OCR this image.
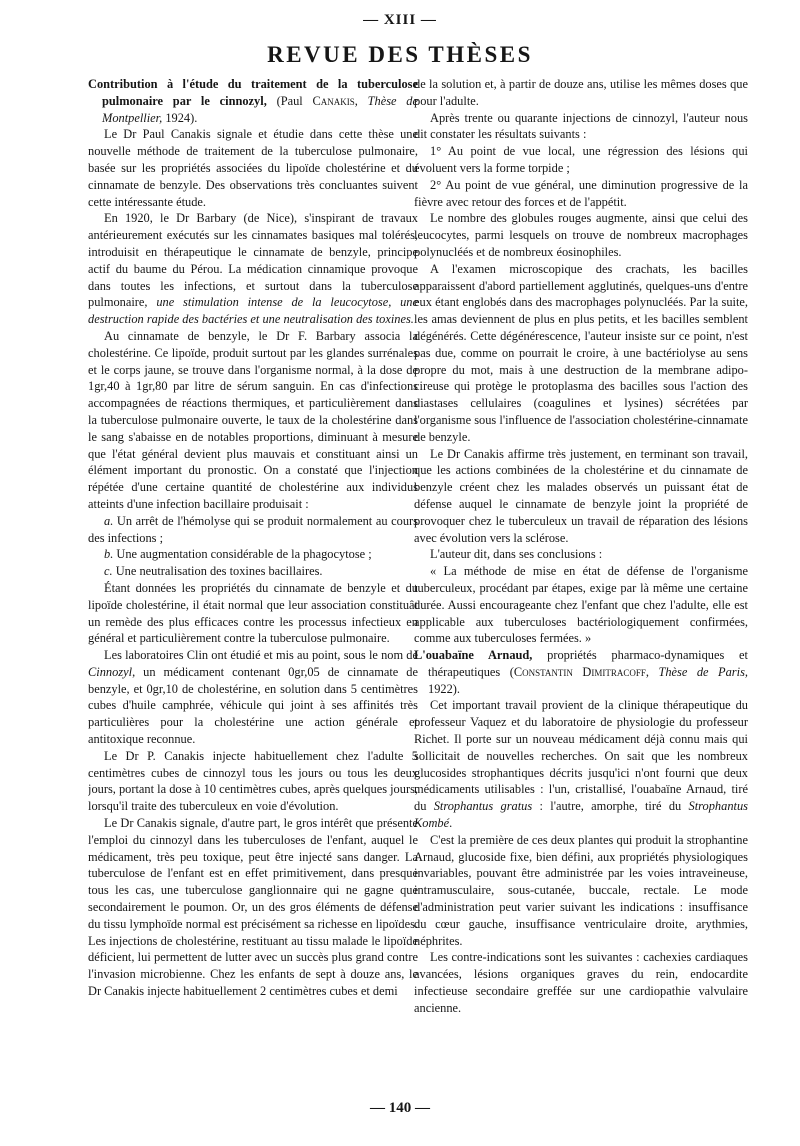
— XIII —
REVUE DES THÈSES

Contribution à l'étude du traitement de la tuberculose pulmonaire par le cinnozyl, (Paul Canakis, Thèse de Montpellier, 1924).

Le Dr Paul Canakis signale et étudie dans cette thèse une nouvelle méthode de traitement de la tuberculose pulmonaire, basée sur les propriétés associées du lipoïde cholestérine et du cinnamate de benzyle. Des observations très concluantes suivent cette intéressante étude.

En 1920, le Dr Barbary (de Nice), s'inspirant de travaux antérieurement exécutés sur les cinnamates basiques mal tolérés, introduisit en thérapeutique le cinnamate de benzyle, principe actif du baume du Pérou. La médication cinnamique provoque dans toutes les infections, et surtout dans la tuberculose pulmonaire, une stimulation intense de la leucocytose, une destruction rapide des bactéries et une neutralisation des toxines.

Au cinnamate de benzyle, le Dr F. Barbary associa la cholestérine. Ce lipoïde, produit surtout par les glandes surrénales et le corps jaune, se trouve dans l'organisme normal, à la dose de 1gr,40 à 1gr,80 par litre de sérum sanguin. En cas d'infections accompagnées de réactions thermiques, et particulièrement dans la tuberculose pulmonaire ouverte, le taux de la cholestérine dans le sang s'abaisse en de notables proportions, diminuant à mesure que l'état général devient plus mauvais et constituant ainsi un élément important du pronostic. On a constaté que l'injection répétée d'une certaine quantité de cholestérine aux individus atteints d'une infection bacillaire produisait :

a. Un arrêt de l'hémolyse qui se produit normalement au cours des infections ;

b. Une augmentation considérable de la phagocytose ;

c. Une neutralisation des toxines bacillaires.

Étant données les propriétés du cinnamate de benzyle et du lipoïde cholestérine, il était normal que leur association constituât un remède des plus efficaces contre les processus infectieux en général et particulièrement contre la tuberculose pulmonaire.

Les laboratoires Clin ont étudié et mis au point, sous le nom de Cinnozyl, un médicament contenant 0gr,05 de cinnamate de benzyle, et 0gr,10 de cholestérine, en solution dans 5 centimètres cubes d'huile camphrée, véhicule qui joint à ses affinités très particulières pour la cholestérine une action générale et antitoxique reconnue.

Le Dr P. Canakis injecte habituellement chez l'adulte 5 centimètres cubes de cinnozyl tous les jours ou tous les deux jours, portant la dose à 10 centimètres cubes, après quelques jours, lorsqu'il traite des tuberculeux en voie d'évolution.

Le Dr Canakis signale, d'autre part, le gros intérêt que présente l'emploi du cinnozyl dans les tuberculoses de l'enfant, auquel le médicament, très peu toxique, peut être injecté sans danger. La tuberculose de l'enfant est en effet primitivement, dans presque tous les cas, une tuberculose ganglionnaire qui ne gagne que secondairement le poumon. Or, un des gros éléments de défense du tissu lymphoïde normal est précisément sa richesse en lipoïdes. Les injections de cholestérine, restituant au tissu malade le lipoïde déficient, lui permettent de lutter avec un succès plus grand contre l'invasion microbienne. Chez les enfants de sept à douze ans, le Dr Canakis injecte habituellement 2 centimètres cubes et demi

de la solution et, à partir de douze ans, utilise les mêmes doses que pour l'adulte.

Après trente ou quarante injections de cinnozyl, l'auteur nous dit constater les résultats suivants :

1° Au point de vue local, une régression des lésions qui évoluent vers la forme torpide ;

2° Au point de vue général, une diminution progressive de la fièvre avec retour des forces et de l'appétit.

Le nombre des globules rouges augmente, ainsi que celui des leucocytes, parmi lesquels on trouve de nombreux macrophages polynucléés et de nombreux éosinophiles.

A l'examen microscopique des crachats, les bacilles apparaissent d'abord partiellement agglutinés, quelques-uns d'entre eux étant englobés dans des macrophages polynucléés. Par la suite, les amas deviennent de plus en plus petits, et les bacilles semblent dégénérés. Cette dégénérescence, l'auteur insiste sur ce point, n'est pas due, comme on pourrait le croire, à une bactériolyse au sens propre du mot, mais à une destruction de la membrane adipo-cireuse qui protège le protoplasma des bacilles sous l'action des diastases cellulaires (coagulines et lysines) sécrétées par l'organisme sous l'influence de l'association cholestérine-cinnamate de benzyle.

Le Dr Canakis affirme très justement, en terminant son travail, que les actions combinées de la cholestérine et du cinnamate de benzyle créent chez les malades observés un puissant état de défense auquel le cinnamate de benzyle joint la propriété de provoquer chez le tuberculeux un travail de réparation des lésions avec évolution vers la sclérose.

L'auteur dit, dans ses conclusions :

« La méthode de mise en état de défense de l'organisme tuberculeux, procédant par étapes, exige par là même une certaine durée. Aussi encourageante chez l'enfant que chez l'adulte, elle est applicable aux tuberculoses bactériologiquement confirmées, comme aux tuberculoses fermées. »

L'ouabaïne Arnaud, propriétés pharmaco-dynamiques et thérapeutiques (Constantin Dimitracoff, Thèse de Paris, 1922).

Cet important travail provient de la clinique thérapeutique du professeur Vaquez et du laboratoire de physiologie du professeur Richet. Il porte sur un nouveau médicament déjà connu mais qui sollicitait de nouvelles recherches. On sait que les nombreux glucosides strophantiques décrits jusqu'ici n'ont fourni que deux médicaments utilisables : l'un, cristallisé, l'ouabaïne Arnaud, tiré du Strophantus gratus : l'autre, amorphe, tiré du Strophantus Kombé.

C'est la première de ces deux plantes qui produit la strophantine Arnaud, glucoside fixe, bien défini, aux propriétés physiologiques invariables, pouvant être administrée par les voies intraveineuse, intramusculaire, sous-cutanée, buccale, rectale. Le mode d'administration peut varier suivant les indications : insuffisance du cœur gauche, insuffisance ventriculaire droite, arythmies, néphrites.

Les contre-indications sont les suivantes : cachexies cardiaques avancées, lésions organiques graves du rein, endocardite infectieuse secondaire greffée sur une cardiopathie valvulaire ancienne.

— 140 —
